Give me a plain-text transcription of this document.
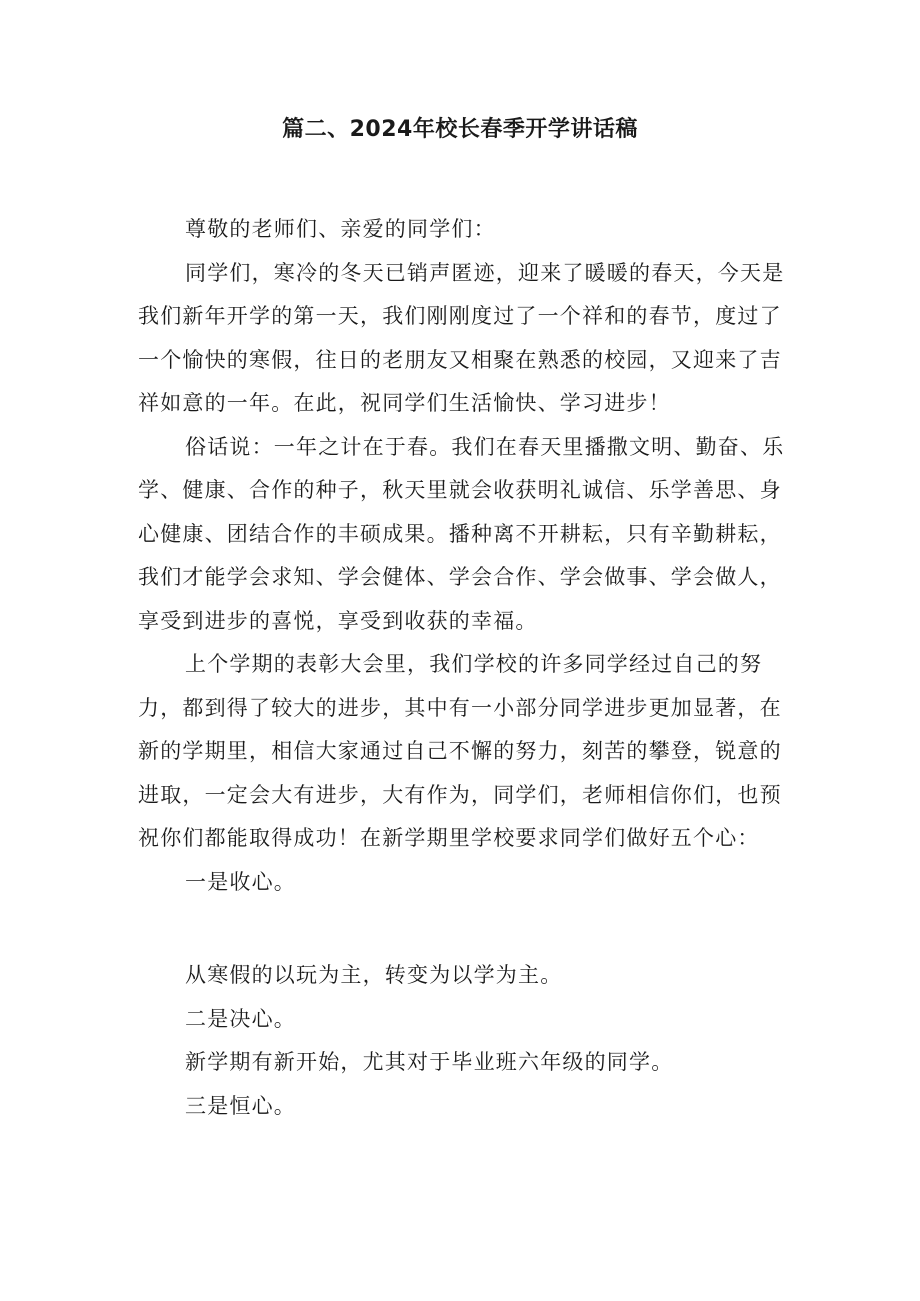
篇二、2024年校长春季开学讲话稿

尊敬的老师们、亲爱的同学们：

同学们，寒冷的冬天已销声匿迹，迎来了暖暖的春天，今天是我们新年开学的第一天，我们刚刚度过了一个祥和的春节，度过了一个愉快的寒假，往日的老朋友又相聚在熟悉的校园，又迎来了吉祥如意的一年。在此，祝同学们生活愉快、学习进步！

俗话说：一年之计在于春。我们在春天里播撒文明、勤奋、乐学、健康、合作的种子，秋天里就会收获明礼诚信、乐学善思、身心健康、团结合作的丰硕成果。播种离不开耕耘，只有辛勤耕耘，我们才能学会求知、学会健体、学会合作、学会做事、学会做人，享受到进步的喜悦，享受到收获的幸福。

上个学期的表彰大会里，我们学校的许多同学经过自己的努力，都到得了较大的进步，其中有一小部分同学进步更加显著，在新的学期里，相信大家通过自己不懈的努力，刻苦的攀登，锐意的进取，一定会大有进步，大有作为，同学们，老师相信你们，也预祝你们都能取得成功！在新学期里学校要求同学们做好五个心：

一是收心。

从寒假的以玩为主，转变为以学为主。

二是决心。

新学期有新开始，尤其对于毕业班六年级的同学。

三是恒心。
